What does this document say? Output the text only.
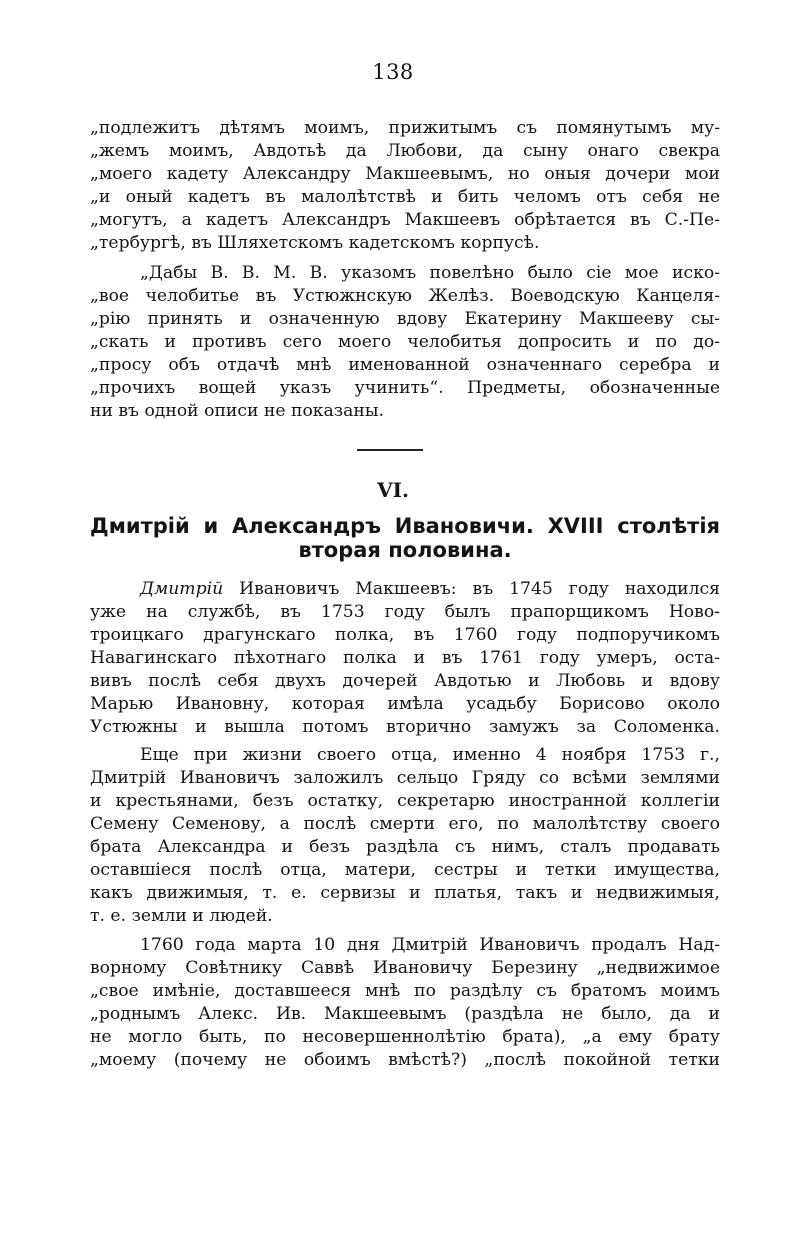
138
„подлежитъ дѣтямъ моимъ, прижитымъ съ помянутымъ му-
„жемъ моимъ, Авдотьѣ да Любови, да сыну онаго свекра
„моего кадету Александру Макшеевымъ, но оныя дочери мои
„и оный кадетъ въ малолѣтствѣ и бить челомъ отъ себя не
„могутъ, а кадетъ Александръ Макшеевъ обрѣтается въ С.-Пе-
„тербургѣ, въ Шляхетскомъ кадетскомъ корпусѣ.
„Дабы В. В. М. В. указомъ повелѣно было сіе мое иско-
„вое челобитье въ Устюжнскую Желѣз. Воеводскую Канцеля-
„рію принять и означенную вдову Екатерину Макшееву сы-
„скать и противъ сего моего челобитья допросить и по до-
„просу объ отдачѣ мнѣ именованной означеннаго серебра и
„прочихъ вощей указъ учинить“. Предметы, обозначенные
ни въ одной описи не показаны.
VI.
Дмитрій и Александръ Ивановичи. XVIII столѣтія
вторая половина.
Дмитрій Ивановичъ Макшеевъ: въ 1745 году находился
уже на службѣ, въ 1753 году былъ прапорщикомъ Ново-
троицкаго драгунскаго полка, въ 1760 году подпоручикомъ
Навагинскаго пѣхотнаго полка и въ 1761 году умеръ, оста-
вивъ послѣ себя двухъ дочерей Авдотью и Любовь и вдову
Марью Ивановну, которая имѣла усадьбу Борисово около
Устюжны и вышла потомъ вторично замужъ за Соломенка.
Еще при жизни своего отца, именно 4 ноября 1753 г.,
Дмитрій Ивановичъ заложилъ сельцо Гряду со всѣми землями
и крестьянами, безъ остатку, секретарю иностранной коллегіи
Семену Семенову, а послѣ смерти его, по малолѣтству своего
брата Александра и безъ раздѣла съ нимъ, сталъ продавать
оставшіеся послѣ отца, матери, сестры и тетки имущества,
какъ движимыя, т. е. сервизы и платья, такъ и недвижимыя,
т. е. земли и людей.
1760 года марта 10 дня Дмитрій Ивановичъ продалъ Над-
ворному Совѣтнику Саввѣ Ивановичу Березину „недвижимое
„свое имѣніе, доставшееся мнѣ по раздѣлу съ братомъ моимъ
„роднымъ Алекс. Ив. Макшеевымъ (раздѣла не было, да и
не могло быть, по несовершеннолѣтію брата), „а ему брату
„моему (почему не обоимъ вмѣстѣ?) „послѣ покойной тетки
